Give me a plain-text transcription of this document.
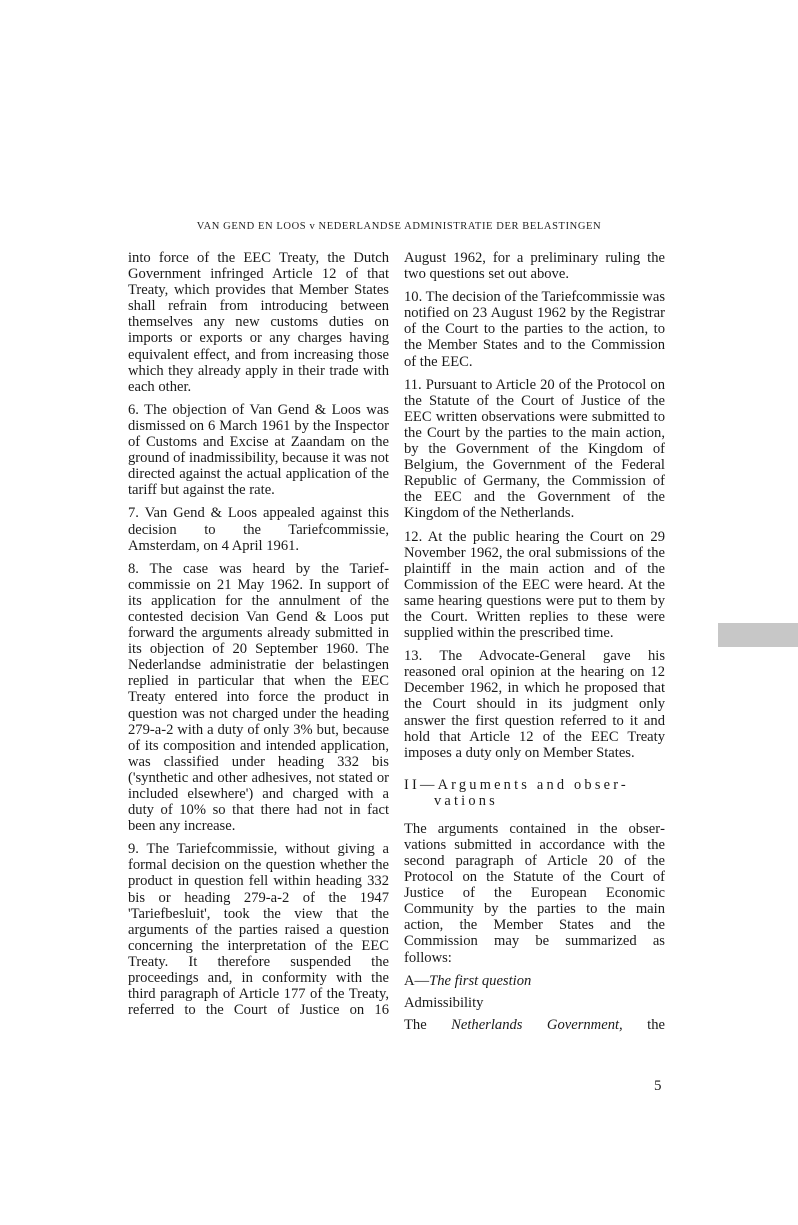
VAN GEND EN LOOS v NEDERLANDSE ADMINISTRATIE DER BELASTINGEN

into force of the EEC Treaty, the Dutch Government infringed Article 12 of that Treaty, which provides that Member States shall refrain from introducing between themselves any new customs duties on imports or exports or any charges having equivalent effect, and from increasing those which they already apply in their trade with each other.

6. The objection of Van Gend & Loos was dismissed on 6 March 1961 by the Inspector of Customs and Excise at Zaandam on the ground of inadmissibility, because it was not directed against the actual application of the tariff but against the rate.

7. Van Gend & Loos appealed against this decision to the Tariefcommissie, Amsterdam, on 4 April 1961.

8. The case was heard by the Tariefcommissie on 21 May 1962. In support of its application for the annulment of the contested decision Van Gend & Loos put forward the arguments already submitted in its objection of 20 September 1960. The Nederlandse administratie der belastingen replied in particular that when the EEC Treaty entered into force the product in question was not charged under the heading 279-a-2 with a duty of only 3% but, because of its composition and intended application, was classified under heading 332 bis ('synthetic and other adhesives, not stated or included elsewhere') and charged with a duty of 10% so that there had not in fact been any increase.

9. The Tariefcommissie, without giving a formal decision on the question whether the product in question fell within heading 332 bis or heading 279-a-2 of the 1947 'Tariefbesluit', took the view that the arguments of the parties raised a question concerning the interpretation of the EEC Treaty. It therefore suspended the proceedings and, in conformity with the third paragraph of Article 177 of the Treaty, referred to the Court of Justice on 16

August 1962, for a preliminary ruling the two questions set out above.

10. The decision of the Tariefcommissie was notified on 23 August 1962 by the Registrar of the Court to the parties to the action, to the Member States and to the Commission of the EEC.

11. Pursuant to Article 20 of the Protocol on the Statute of the Court of Justice of the EEC written observations were submitted to the Court by the parties to the main action, by the Government of the Kingdom of Belgium, the Government of the Federal Republic of Germany, the Commission of the EEC and the Government of the Kingdom of the Netherlands.

12. At the public hearing the Court on 29 November 1962, the oral submissions of the plaintiff in the main action and of the Commission of the EEC were heard. At the same hearing questions were put to them by the Court. Written replies to these were supplied within the prescribed time.

13. The Advocate-General gave his reasoned oral opinion at the hearing on 12 December 1962, in which he proposed that the Court should in its judgment only answer the first question referred to it and hold that Article 12 of the EEC Treaty imposes a duty only on Member States.

II—Arguments and obser-
vations

The arguments contained in the observations submitted in accordance with the second paragraph of Article 20 of the Protocol on the Statute of the Court of Justice of the European Economic Community by the parties to the main action, the Member States and the Commission may be summarized as follows:

A—The first question
Admissibility
The Netherlands Government, the
5
